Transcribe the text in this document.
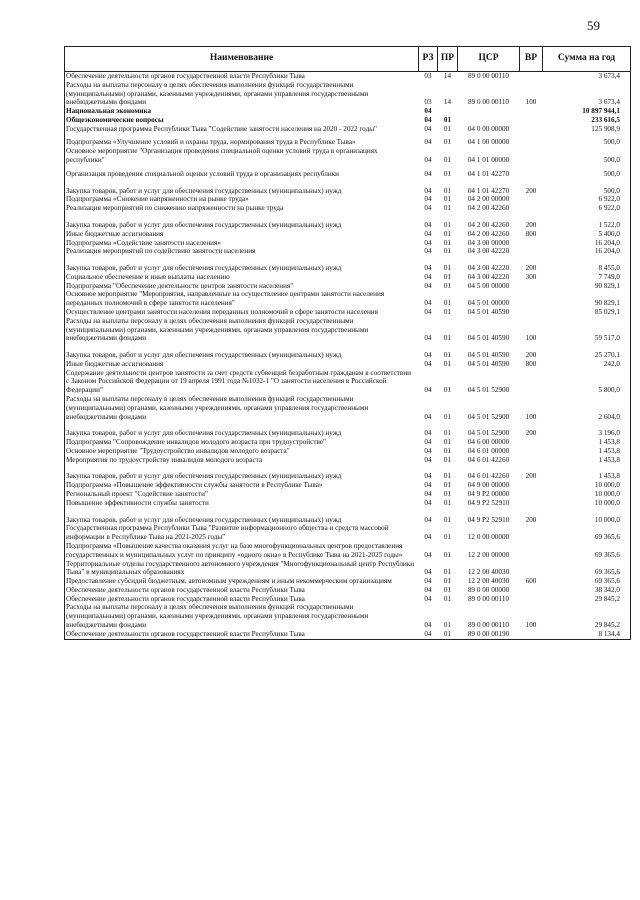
59
Наименование	РЗ	ПР	ЦСР	ВР	Сумма на год
Обеспечение деятельности органов государственной власти Республики Тыва	03	14	89 0 00 00110		3 673,4
Расходы на выплаты персоналу в целях обеспечения выполнения функций государственными (муниципальными) органами, казенными учреждениями, органами управления государственными внебюджетными фондами	03	14	89 0 00 00110	100	3 673,4
Национальная экономика	04				10 897 944,1
Общеэкономические вопросы	04	01			233 616,5
Государственная программа Республики Тыва "Содействие занятости населения на 2020 - 2022 годы"	04	01	04 0 00 00000		125 908,9
Подпрограмма «Улучшение условий и охраны труда, нормирования труда в Республике Тыва»	04	01	04 1 00 00000		500,0
Основное мероприятие "Организация проведения специальной оценки условий труда в организациях республики"	04	01	04 1 01 00000		500,0
Организация проведения специальной оценки условий труда в организациях республики	04	01	04 1 01 42270		500,0
Закупка товаров, работ и услуг для обеспечения государственных (муниципальных) нужд	04	01	04 1 01 42270	200	500,0
Подпрограмма «Снижение напряженности на рынке труда»	04	01	04 2 00 00000		6 922,0
Реализация мероприятий по снижению напряженности на рынке труда	04	01	04 2 00 42260		6 922,0
Закупка товаров, работ и услуг для обеспечения государственных (муниципальных) нужд	04	01	04 2 00 42260	200	1 522,0
Иные бюджетные ассигнования	04	01	04 2 00 42260	800	5 400,0
Подпрограмма «Содействие занятости населения»	04	01	04 3 00 00000		16 204,0
Реализация мероприятий по содействию занятости населения	04	01	04 3 00 42220		16 204,0
Закупка товаров, работ и услуг для обеспечения государственных (муниципальных) нужд	04	01	04 3 00 42220	200	8 455,0
Социальное обеспечение и иные выплаты населению	04	01	04 3 00 42220	300	7 749,0
Подпрограмма "Обеспечение деятельности центров занятости населения"	04	01	04 5 00 00000		90 829,1
Основное мероприятие "Мероприятия, направленные на осуществление центрами занятости населения переданных полномочий в сфере занятости населения"	04	01	04 5 01 00000		90 829,1
Осуществление центрами занятости населения переданных полномочий в сфере занятости населения	04	01	04 5 01 40590		85 029,1
Расходы на выплаты персоналу в целях обеспечения выполнения функций государственными (муниципальными) органами, казенными учреждениями, органами управления государственными внебюджетными фондами	04	01	04 5 01 40590	100	59 517,0
Закупка товаров, работ и услуг для обеспечения государственных (муниципальных) нужд	04	01	04 5 01 40590	200	25 270,1
Иные бюджетные ассигнования	04	01	04 5 01 40590	800	242,0
Содержание деятельности центров занятости за счет средств субвенций безработным гражданам в соответствии с Законом Российской Федерации от 19 апреля 1991 года №1032-1 "О занятости населения в Российской Федерации"	04	01	04 5 01 52900		5 800,0
Расходы на выплаты персоналу в целях обеспечения выполнения функций государственными (муниципальными) органами, казенными учреждениями, органами управления государственными внебюджетными фондами	04	01	04 5 01 52900	100	2 604,0
Закупка товаров, работ и услуг для обеспечения государственных (муниципальных) нужд	04	01	04 5 01 52900	200	3 196,0
Подпрограмма "Сопровождение инвалидов молодого возраста при трудоустройстве"	04	01	04 6 00 00000		1 453,8
Основное мероприятие "Трудоустройство инвалидов молодого возраста"	04	01	04 6 01 00000		1 453,8
Мероприятия по трудоустройству инвалидов молодого возраста	04	01	04 6 01 42260		1 453,8
Закупка товаров, работ и услуг для обеспечения государственных (муниципальных) нужд	04	01	04 6 01 42260	200	1 453,8
Подпрограмма «Повышение эффективности службы занятости в Республике Тыва»	04	01	04 9 00 00000		10 000,0
Региональный проект "Содействие занятости"	04	01	04 9 P2 00000		10 000,0
Повышение эффективности службы занятости	04	01	04 9 P2 52910		10 000,0
Закупка товаров, работ и услуг для обеспечения государственных (муниципальных) нужд	04	01	04 9 P2 52910	200	10 000,0
Государственная программа Республики Тыва "Развитие информационного общества и средств массовой информации в Республике Тыва на 2021-2025 годы"	04	01	12 0 00 00000		69 365,6
Подпрограмма «Повышение качества оказания услуг на базе многофункциональных центров предоставления государственных и муниципальных услуг по принципу «одного окна» в Республике Тыва на 2021-2025 годы»	04	01	12 2 00 00000		69 365,6
Территориальные отделы государственного автономного учреждения "Многофункциональный центр Республики Тыва" в муниципальных образованиях	04	01	12 2 00 40030		69 365,6
Предоставление субсидий бюджетным, автономным учреждениям и иным некоммерческим организациям	04	01	12 2 00 40030	600	69 365,6
Обеспечение деятельности органов государственной власти Республики Тыва	04	01	89 0 00 00000		38 342,0
Обеспечение деятельности органов государственной власти Республики Тыва	04	01	89 0 00 00110		29 845,2
Расходы на выплаты персоналу в целях обеспечения выполнения функций государственными (муниципальными) органами, казенными учреждениями, органами управления государственными внебюджетными фондами	04	01	89 0 00 00110	100	29 845,2
Обеспечение деятельности органов государственной власти Республики Тыва	04	01	89 0 00 00190		8 134,4
